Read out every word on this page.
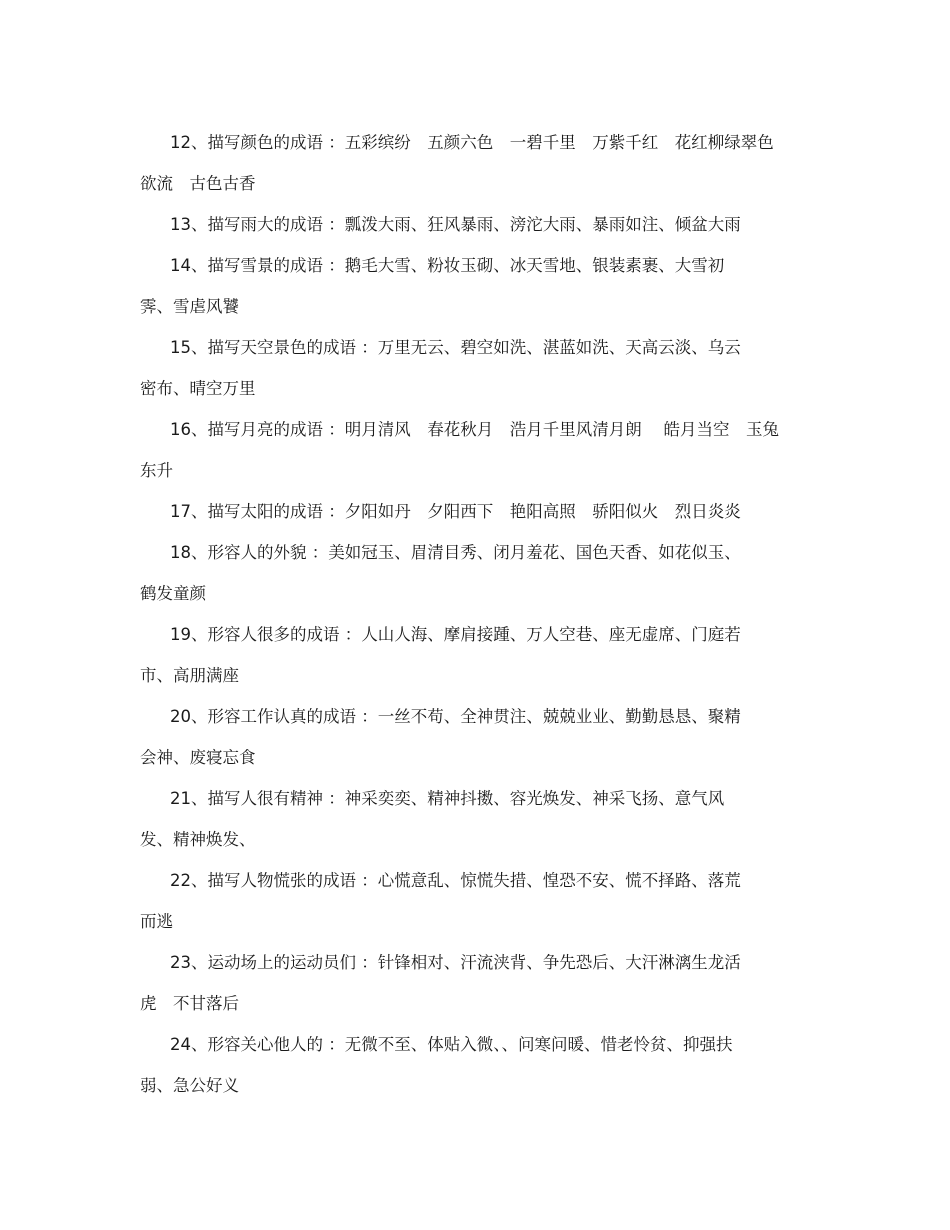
12、描写颜色的成语 ：五彩缤纷　五颜六色　一碧千里　万紫千红　花红柳绿翠色
欲流　古色古香

13、描写雨大的成语 ：瓢泼大雨、狂风暴雨、滂沱大雨、暴雨如注、倾盆大雨

14、描写雪景的成语 ：鹅毛大雪、粉妆玉砌、冰天雪地、银装素裹、大雪初
霁、雪虐风饕

15、描写天空景色的成语 ：万里无云、碧空如洗、湛蓝如洗、天高云淡、乌云
密布、晴空万里

16、描写月亮的成语 ：明月清风　春花秋月　浩月千里风清月朗　 皓月当空　玉兔
东升

17、描写太阳的成语 ：夕阳如丹　夕阳西下　艳阳高照　骄阳似火　烈日炎炎

18、形容人的外貌 ：美如冠玉、眉清目秀、闭月羞花、国色天香、如花似玉、
鹤发童颜

19、形容人很多的成语 ：人山人海、摩肩接踵、万人空巷、座无虚席、门庭若
市、高朋满座

20、形容工作认真的成语 ：一丝不苟、全神贯注、兢兢业业、勤勤恳恳、聚精
会神、废寝忘食

21、描写人很有精神 ：神采奕奕、精神抖擞、容光焕发、神采飞扬、意气风
发、精神焕发、

22、描写人物慌张的成语 ：心慌意乱、惊慌失措、惶恐不安、慌不择路、落荒
而逃

23、运动场上的运动员们 ：针锋相对、汗流浃背、争先恐后、大汗淋漓生龙活
虎　不甘落后

24、形容关心他人的 ：无微不至、体贴入微、、问寒问暖、惜老怜贫、抑强扶
弱、急公好义
